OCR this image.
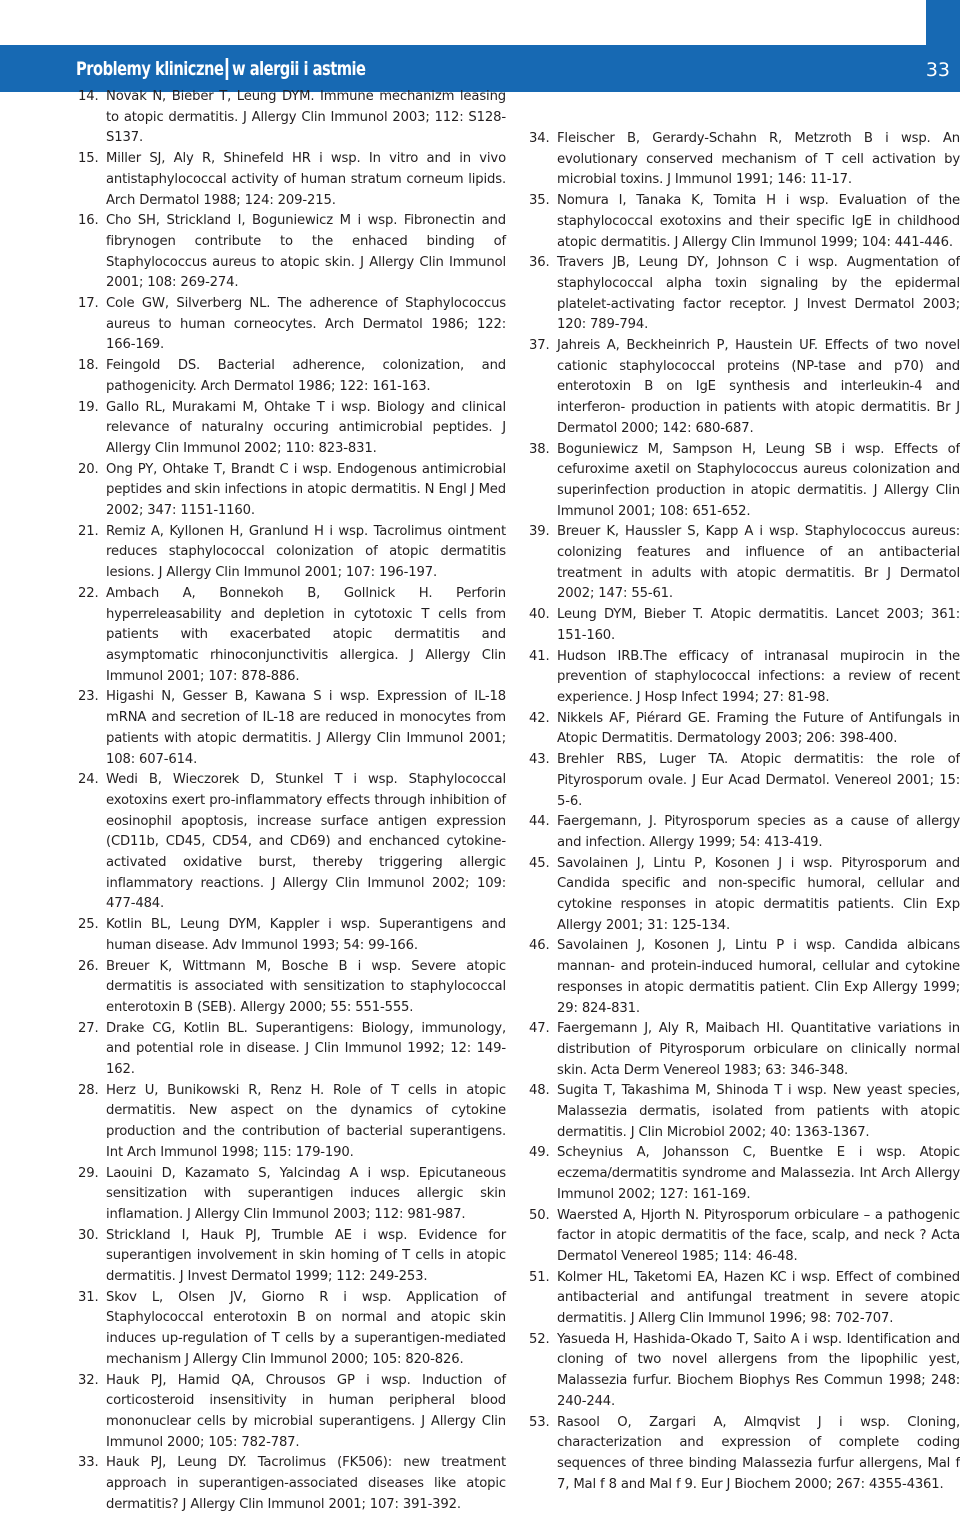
Problemy kliniczne w alergii i astmie	33
14. Novak N, Bieber T, Leung DYM. Immune mechanizm leasing to atopic dermatitis. J Allergy Clin Immunol 2003; 112: S128-S137.
15. Miller SJ, Aly R, Shinefeld HR i wsp. In vitro and in vivo antistaphylococcal activity of human stratum corneum lipids. Arch Dermatol 1988; 124: 209-215.
16. Cho SH, Strickland I, Boguniewicz M i wsp. Fibronectin and fibrynogen contribute to the enhaced binding of Staphylococcus aureus to atopic skin. J Allergy Clin Immunol 2001; 108: 269-274.
17. Cole GW, Silverberg NL. The adherence of Staphylococcus aureus to human corneocytes. Arch Dermatol 1986; 122: 166-169.
18. Feingold DS. Bacterial adherence, colonization, and pathogenicity. Arch Dermatol 1986; 122: 161-163.
19. Gallo RL, Murakami M, Ohtake T i wsp. Biology and clinical relevance of naturalny occuring antimicrobial peptides. J Allergy Clin Immunol 2002; 110: 823-831.
20. Ong PY, Ohtake T, Brandt C i wsp. Endogenous antimicrobial peptides and skin infections in atopic dermatitis. N Engl J Med 2002; 347: 1151-1160.
21. Remiz A, Kyllonen H, Granlund H i wsp. Tacrolimus ointment reduces staphylococcal colonization of atopic dermatitis lesions. J Allergy Clin Immunol 2001; 107: 196-197.
22. Ambach A, Bonnekoh B, Gollnick H. Perforin hyperreleasability and depletion in cytotoxic T cells from patients with exacerbated atopic dermatitis and asymptomatic rhinoconjunctivitis allergica. J Allergy Clin Immunol 2001; 107: 878-886.
23. Higashi N, Gesser B, Kawana S i wsp. Expression of IL-18 mRNA and secretion of IL-18 are reduced in monocytes from patients with atopic dermatitis. J Allergy Clin Immunol 2001; 108: 607-614.
24. Wedi B, Wieczorek D, Stunkel T i wsp. Staphylococcal exotoxins exert pro-inflammatory effects through inhibition of eosinophil apoptosis, increase surface antigen expression (CD11b, CD45, CD54, and CD69) and enchanced cytokine-activated oxidative burst, thereby triggering allergic inflammatory reactions. J Allergy Clin Immunol 2002; 109: 477-484.
25. Kotlin BL, Leung DYM, Kappler i wsp. Superantigens and human disease. Adv Immunol 1993; 54: 99-166.
26. Breuer K, Wittmann M, Bosche B i wsp. Severe atopic dermatitis is associated with sensitization to staphylococcal enterotoxin B (SEB). Allergy 2000; 55: 551-555.
27. Drake CG, Kotlin BL. Superantigens: Biology, immunology, and potential role in disease. J Clin Immunol 1992; 12: 149-162.
28. Herz U, Bunikowski R, Renz H. Role of T cells in atopic dermatitis. New aspect on the dynamics of cytokine production and the contribution of bacterial superantigens. Int Arch Immunol 1998; 115: 179-190.
29. Laouini D, Kazamato S, Yalcindag A i wsp. Epicutaneous sensitization with superantigen induces allergic skin inflamation. J Allergy Clin Immunol 2003; 112: 981-987.
30. Strickland I, Hauk PJ, Trumble AE i wsp. Evidence for superantigen involvement in skin homing of T cells in atopic dermatitis. J Invest Dermatol 1999; 112: 249-253.
31. Skov L, Olsen JV, Giorno R i wsp. Application of Staphylococcal enterotoxin B on normal and atopic skin induces up-regulation of T cells by a superantigen-mediated mechanism J Allergy Clin Immunol 2000; 105: 820-826.
32. Hauk PJ, Hamid QA, Chrousos GP i wsp. Induction of corticosteroid insensitivity in human peripheral blood mononuclear cells by microbial superantigens. J Allergy Clin Immunol 2000; 105: 782-787.
33. Hauk PJ, Leung DY. Tacrolimus (FK506): new treatment approach in superantigen-associated diseases like atopic dermatitis? J Allergy Clin Immunol 2001; 107: 391-392.
34. Fleischer B, Gerardy-Schahn R, Metzroth B i wsp. An evolutionary conserved mechanism of T cell activation by microbial toxins. J Immunol 1991; 146: 11-17.
35. Nomura I, Tanaka K, Tomita H i wsp. Evaluation of the staphylococcal exotoxins and their specific IgE in childhood atopic dermatitis. J Allergy Clin Immunol 1999; 104: 441-446.
36. Travers JB, Leung DY, Johnson C i wsp. Augmentation of staphylococcal alpha toxin signaling by the epidermal platelet-activating factor receptor. J Invest Dermatol 2003; 120: 789-794.
37. Jahreis A, Beckheinrich P, Haustein UF. Effects of two novel cationic staphylococcal proteins (NP-tase and p70) and enterotoxin B on IgE synthesis and interleukin-4 and interferon- production in patients with atopic dermatitis. Br J Dermatol 2000; 142: 680-687.
38. Boguniewicz M, Sampson H, Leung SB i wsp. Effects of cefuroxime axetil on Staphylococcus aureus colonization and superinfection production in atopic dermatitis. J Allergy Clin Immunol 2001; 108: 651-652.
39. Breuer K, Haussler S, Kapp A i wsp. Staphylococcus aureus: colonizing features and influence of an antibacterial treatment in adults with atopic dermatitis. Br J Dermatol 2002; 147: 55-61.
40. Leung DYM, Bieber T. Atopic dermatitis. Lancet 2003; 361: 151-160.
41. Hudson IRB.The efficacy of intranasal mupirocin in the prevention of staphylococcal infections: a review of recent experience. J Hosp Infect 1994; 27: 81-98.
42. Nikkels AF, Piérard GE. Framing the Future of Antifungals in Atopic Dermatitis. Dermatology 2003; 206: 398-400.
43. Brehler RBS, Luger TA. Atopic dermatitis: the role of Pityrosporum ovale. J Eur Acad Dermatol. Venereol 2001; 15: 5-6.
44. Faergemann, J. Pityrosporum species as a cause of allergy and infection. Allergy 1999; 54: 413-419.
45. Savolainen J, Lintu P, Kosonen J i wsp. Pityrosporum and Candida specific and non-specific humoral, cellular and cytokine responses in atopic dermatitis patients. Clin Exp Allergy 2001; 31: 125-134.
46. Savolainen J, Kosonen J, Lintu P i wsp. Candida albicans mannan- and protein-induced humoral, cellular and cytokine responses in atopic dermatitis patient. Clin Exp Allergy 1999; 29: 824-831.
47. Faergemann J, Aly R, Maibach HI. Quantitative variations in distribution of Pityrosporum orbiculare on clinically normal skin. Acta Derm Venereol 1983; 63: 346-348.
48. Sugita T, Takashima M, Shinoda T i wsp. New yeast species, Malassezia dermatis, isolated from patients with atopic dermatitis. J Clin Microbiol 2002; 40: 1363-1367.
49. Scheynius A, Johansson C, Buentke E i wsp. Atopic eczema/dermatitis syndrome and Malassezia. Int Arch Allergy Immunol 2002; 127: 161-169.
50. Waersted A, Hjorth N. Pityrosporum orbiculare – a pathogenic factor in atopic dermatitis of the face, scalp, and neck ? Acta Dermatol Venereol 1985; 114: 46-48.
51. Kolmer HL, Taketomi EA, Hazen KC i wsp. Effect of combined antibacterial and antifungal treatment in severe atopic dermatitis. J Allerg Clin Immunol 1996; 98: 702-707.
52. Yasueda H, Hashida-Okado T, Saito A i wsp. Identification and cloning of two novel allergens from the lipophilic yest, Malassezia furfur. Biochem Biophys Res Commun 1998; 248: 240-244.
53. Rasool O, Zargari A, Almqvist J i wsp. Cloning, characterization and expression of complete coding sequences of three binding Malassezia furfur allergens, Mal f 7, Mal f 8 and Mal f 9. Eur J Biochem 2000; 267: 4355-4361.
